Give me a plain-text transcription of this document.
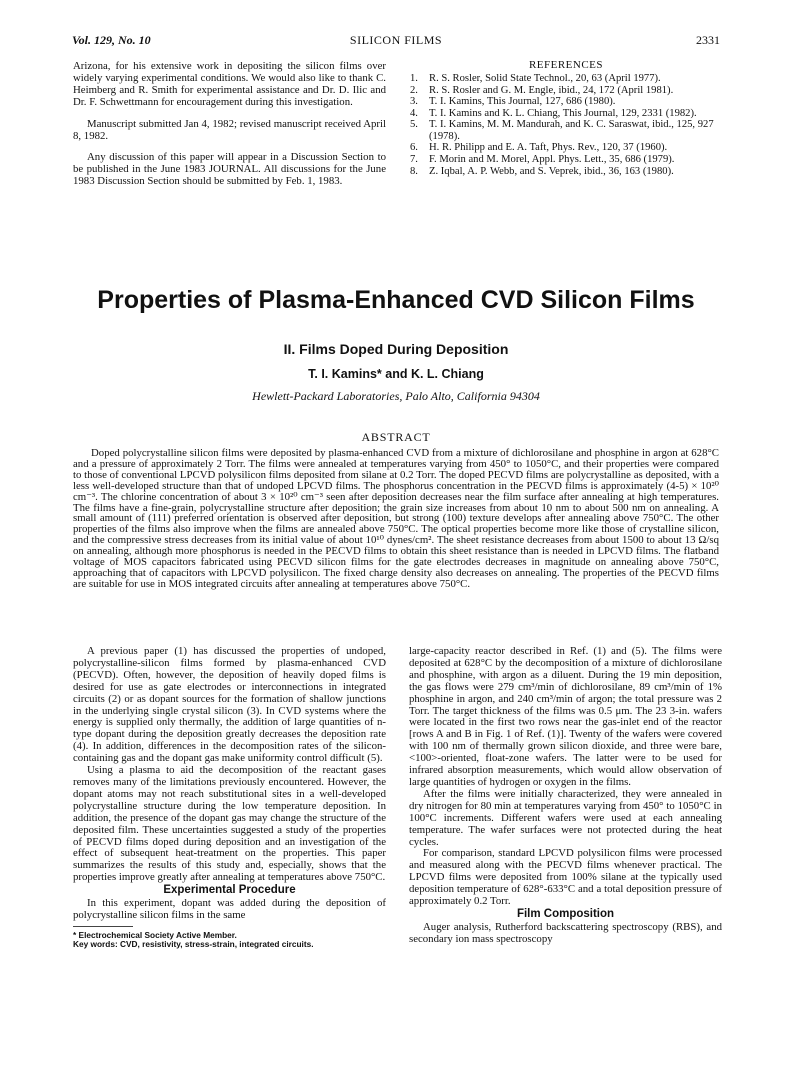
Vol. 129, No. 10	SILICON FILMS	2331

Arizona, for his extensive work in depositing the silicon films over widely varying experimental conditions. We would also like to thank C. Heimberg and R. Smith for experimental assistance and Dr. D. Ilic and Dr. F. Schwettmann for encouragement during this investigation.

Manuscript submitted Jan 4, 1982; revised manuscript received April 8, 1982.

Any discussion of this paper will appear in a Discussion Section to be published in the June 1983 JOURNAL. All discussions for the June 1983 Discussion Section should be submitted by Feb. 1, 1983.

REFERENCES
1. R. S. Rosler, Solid State Technol., 20, 63 (April 1977).
2. R. S. Rosler and G. M. Engle, ibid., 24, 172 (April 1981).
3. T. I. Kamins, This Journal, 127, 686 (1980).
4. T. I. Kamins and K. L. Chiang, This Journal, 129, 2331 (1982).
5. T. I. Kamins, M. M. Mandurah, and K. C. Saraswat, ibid., 125, 927 (1978).
6. H. R. Philipp and E. A. Taft, Phys. Rev., 120, 37 (1960).
7. F. Morin and M. Morel, Appl. Phys. Lett., 35, 686 (1979).
8. Z. Iqbal, A. P. Webb, and S. Veprek, ibid., 36, 163 (1980).
Properties of Plasma-Enhanced CVD Silicon Films
II. Films Doped During Deposition
T. I. Kamins* and K. L. Chiang
Hewlett-Packard Laboratories, Palo Alto, California 94304
ABSTRACT

Doped polycrystalline silicon films were deposited by plasma-enhanced CVD from a mixture of dichlorosilane and phosphine in argon at 628°C and a pressure of approximately 2 Torr. The films were annealed at temperatures varying from 450° to 1050°C, and their properties were compared to those of conventional LPCVD polysilicon films deposited from silane at 0.2 Torr. The doped PECVD films are polycrystalline as deposited, with a less well-developed structure than that of undoped LPCVD films. The phosphorus concentration in the PECVD films is approximately (4-5) × 10²⁰ cm⁻³. The chlorine concentration of about 3 × 10²⁰ cm⁻³ seen after deposition decreases near the film surface after annealing at high temperatures. The films have a fine-grain, polycrystalline structure after deposition; the grain size increases from about 10 nm to about 500 nm on annealing. A small amount of (111) preferred orientation is observed after deposition, but strong (100) texture develops after annealing above 750°C. The other properties of the films also improve when the films are annealed above 750°C. The optical properties become more like those of crystalline silicon, and the compressive stress decreases from its initial value of about 10¹⁰ dynes/cm². The sheet resistance decreases from about 1500 to about 13 Ω/sq on annealing, although more phosphorus is needed in the PECVD films to obtain this sheet resistance than is needed in LPCVD films. The flatband voltage of MOS capacitors fabricated using PECVD silicon films for the gate electrodes decreases in magnitude on annealing above 750°C, approaching that of capacitors with LPCVD polysilicon. The fixed charge density also decreases on annealing. The properties of the PECVD films are suitable for use in MOS integrated circuits after annealing at temperatures above 750°C.

A previous paper (1) has discussed the properties of undoped, polycrystalline-silicon films formed by plasma-enhanced CVD (PECVD). Often, however, the deposition of heavily doped films is desired for use as gate electrodes or interconnections in integrated circuits (2) or as dopant sources for the formation of shallow junctions in the underlying single crystal silicon (3). In CVD systems where the energy is supplied only thermally, the addition of large quantities of n-type dopant during the deposition greatly decreases the deposition rate (4). In addition, differences in the decomposition rates of the silicon-containing gas and the dopant gas make uniformity control difficult (5).

Using a plasma to aid the decomposition of the reactant gases removes many of the limitations previously encountered. However, the dopant atoms may not reach substitutional sites in a well-developed polycrystalline structure during the low temperature deposition. In addition, the presence of the dopant gas may change the structure of the deposited film. These uncertainties suggested a study of the properties of PECVD films doped during deposition and an investigation of the effect of subsequent heat-treatment on the properties. This paper summarizes the results of this study and, especially, shows that the properties improve greatly after annealing at temperatures above 750°C.

Experimental Procedure

In this experiment, dopant was added during the deposition of polycrystalline silicon films in the same

* Electrochemical Society Active Member.
Key words: CVD, resistivity, stress-strain, integrated circuits.

large-capacity reactor described in Ref. (1) and (5). The films were deposited at 628°C by the decomposition of a mixture of dichlorosilane and phosphine, with argon as a diluent. During the 19 min deposition, the gas flows were 279 cm³/min of dichlorosilane, 89 cm³/min of 1% phosphine in argon, and 240 cm³/min of argon; the total pressure was 2 Torr. The target thickness of the films was 0.5 μm. The 23 3-in. wafers were located in the first two rows near the gas-inlet end of the reactor [rows A and B in Fig. 1 of Ref. (1)]. Twenty of the wafers were covered with 100 nm of thermally grown silicon dioxide, and three were bare, <100>-oriented, float-zone wafers. The latter were to be used for infrared absorption measurements, which would allow observation of large quantities of hydrogen or oxygen in the films.

After the films were initially characterized, they were annealed in dry nitrogen for 80 min at temperatures varying from 450° to 1050°C in 100°C increments. Different wafers were used at each annealing temperature. The wafer surfaces were not protected during the heat cycles.

For comparison, standard LPCVD polysilicon films were processed and measured along with the PECVD films whenever practical. The LPCVD films were deposited from 100% silane at the typically used deposition temperature of 628°-633°C and a total deposition pressure of approximately 0.2 Torr.

Film Composition

Auger analysis, Rutherford backscattering spectroscopy (RBS), and secondary ion mass spectroscopy
